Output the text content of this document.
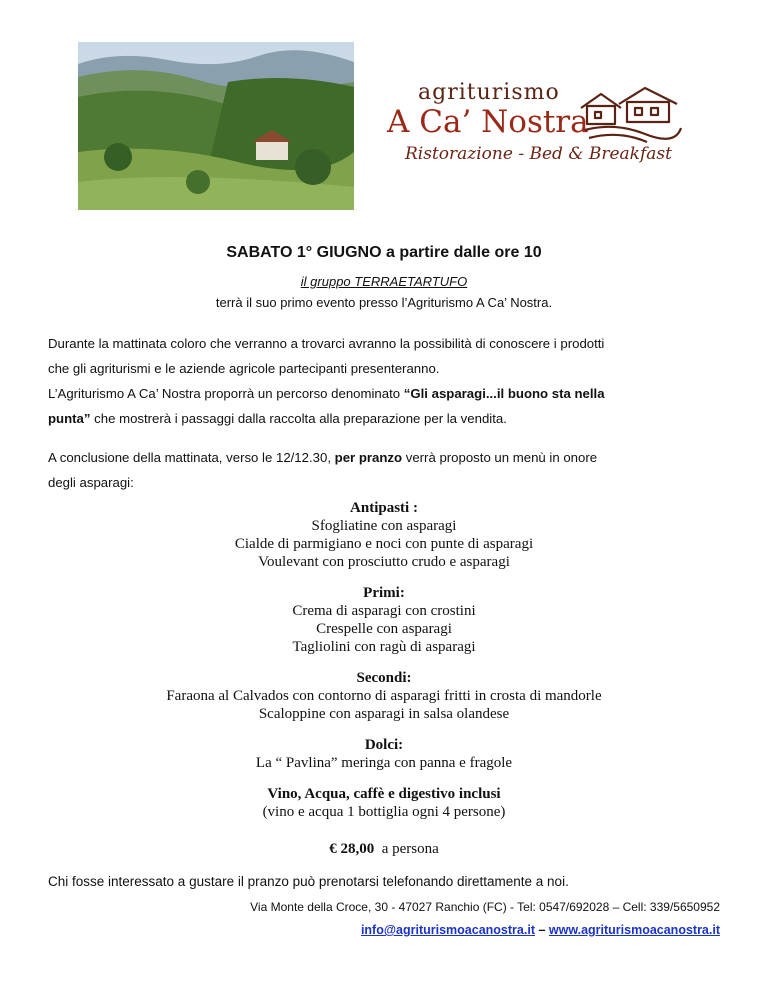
agriturismo
A Ca’ Nostra
Ristorazione - Bed & Breakfast
SABATO 1° GIUGNO a partire dalle ore 10
il gruppo TERRAETARTUFO
terrà il suo primo evento presso l’Agriturismo A Ca’ Nostra.
Durante la mattinata coloro che verranno a trovarci avranno la possibilità di conoscere i prodotti
che gli agriturismi e le aziende agricole partecipanti presenteranno.
L’Agriturismo A Ca’ Nostra proporrà un percorso denominato “Gli asparagi...il buono sta nella
punta” che mostrerà i passaggi dalla raccolta alla preparazione per la vendita.
A conclusione della mattinata, verso le 12/12.30, per pranzo verrà proposto un menù in onore
degli asparagi:
Antipasti :
Sfogliatine con asparagi
Cialde di parmigiano e noci con punte di asparagi
Voulevant con prosciutto crudo e asparagi
Primi:
Crema di asparagi con crostini
Crespelle con asparagi
Tagliolini con ragù di asparagi
Secondi:
Faraona al Calvados con contorno di asparagi fritti in crosta di mandorle
Scaloppine con asparagi in salsa olandese
Dolci:
La “ Pavlina” meringa con panna e fragole
Vino, Acqua, caffè e digestivo inclusi
(vino e acqua 1 bottiglia ogni 4 persone)
€ 28,00 a persona
Chi fosse interessato a gustare il pranzo può prenotarsi telefonando direttamente a noi.
Via Monte della Croce, 30 - 47027 Ranchio (FC) - Tel: 0547/692028 – Cell: 339/5650952
info@agriturismoacanostra.it – www.agriturismoacanostra.it
